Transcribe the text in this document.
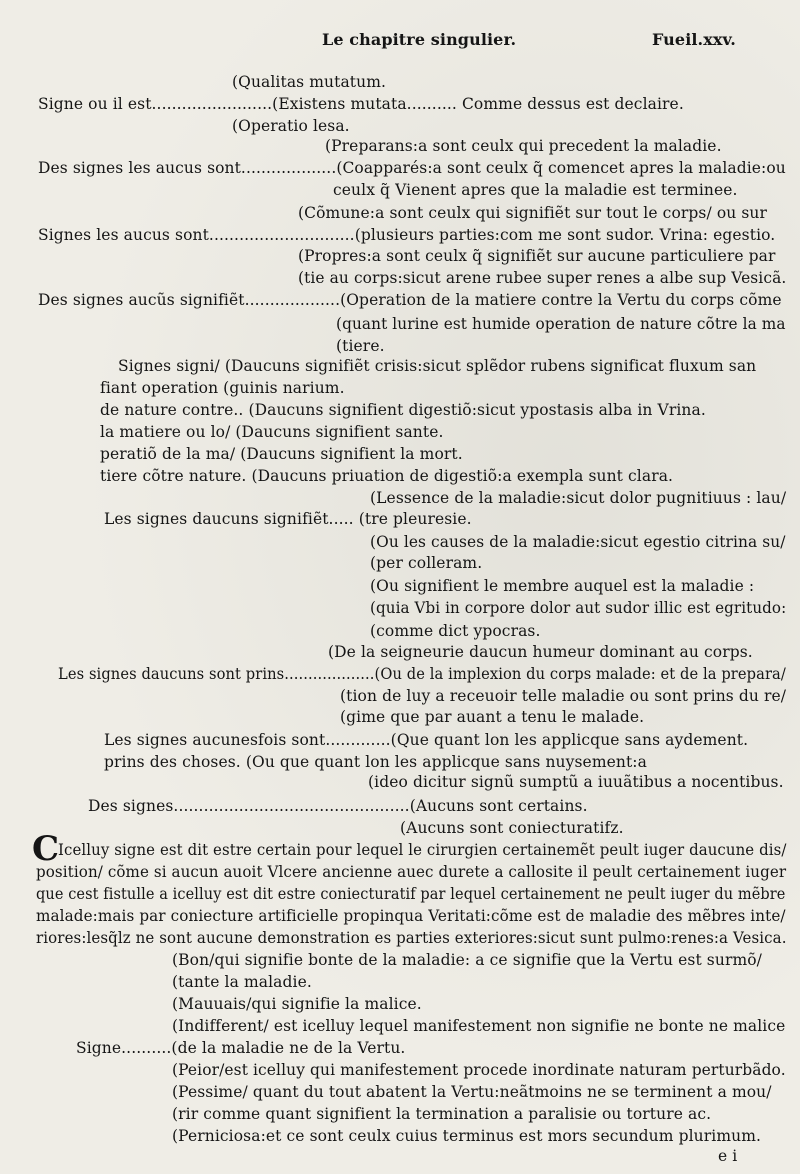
Le chapitre singulier.	Fueil.xxv.
(Qualitas mutatum.
Signe ou il est........................(Existens mutata.......... Comme dessus est declaire.
(Operatio lesa.
(Preparans:a sont ceulx qui precedent la maladie.
Des signes les aucus sont...................(Coapparés:a sont ceulx q̃ comencet apres la maladie:ou
ceulx q̃ Vienent apres que la maladie est terminee.
(Cõmune:a sont ceulx qui signifiẽt sur tout le corps/ ou sur
Signes les aucus sont.............................(plusieurs parties:com me sont sudor. Vrina: egestio.
(Propres:a sont ceulx q̃ signifiẽt sur aucune particuliere par
(tie au corps:sicut arene rubee super renes a albe sup Vesicã.
Des signes aucũs signifiẽt...................(Operation de la matiere contre la Vertu du corps cõme
(quant lurine est humide operation de nature cõtre la ma
(tiere.
Signes signi/ (Daucuns signifiẽt crisis:sicut splẽdor rubens significat fluxum san
fiant operation (guinis narium.
de nature contre.. (Daucuns signifient digestiõ:sicut ypostasis alba in Vrina.
la matiere ou lo/ (Daucuns signifient sante.
peratiõ de la ma/ (Daucuns signifient la mort.
tiere cõtre nature. (Daucuns priuation de digestiõ:a exempla sunt clara.
(Lessence de la maladie:sicut dolor pugnitiuus : lau/
Les signes daucuns signifiẽt..... (tre pleuresie.
(Ou les causes de la maladie:sicut egestio citrina su/
(per colleram.
(Ou signifient le membre auquel est la maladie :
(quia Vbi in corpore dolor aut sudor illic est egritudo:
(comme dict ypocras.
(De la seigneurie daucun humeur dominant au corps.
Les signes daucuns sont prins...................(Ou de la implexion du corps malade: et de la prepara/
(tion de luy a receuoir telle maladie ou sont prins du re/
(gime que par auant a tenu le malade.
Les signes aucunesfois sont.............(Que quant lon les applicque sans aydement.
prins des choses. (Ou que quant lon les applicque sans nuysement:a
(ideo dicitur signũ sumptũ a iuuãtibus a nocentibus.
Des signes...............................................(Aucuns sont certains.
(Aucuns sont coniecturatifz.
C
Icelluy signe est dit estre certain pour lequel le cirurgien certainemẽt peult iuger daucune dis/
position/ cõme si aucun auoit Vlcere ancienne auec durete a callosite il peult certainement iuger
que cest fistulle a icelluy est dit estre coniecturatif par lequel certainement ne peult iuger du mẽbre
malade:mais par coniecture artificielle propinqua Veritati:cõme est de maladie des mẽbres inte/
riores:lesq̃lz ne sont aucune demonstration es parties exteriores:sicut sunt pulmo:renes:a Vesica.
(Bon/qui signifie bonte de la maladie: a ce signifie que la Vertu est surmõ/
(tante la maladie.
(Mauuais/qui signifie la malice.
(Indifferent/ est icelluy lequel manifestement non signifie ne bonte ne malice
Signe..........(de la maladie ne de la Vertu.
(Peior/est icelluy qui manifestement procede inordinate naturam perturbãdo.
(Pessime/ quant du tout abatent la Vertu:neãtmoins ne se terminent a mou/
(rir comme quant signifient la termination a paralisie ou torture ac.
(Perniciosa:et ce sont ceulx cuius terminus est mors secundum plurimum.
e i
